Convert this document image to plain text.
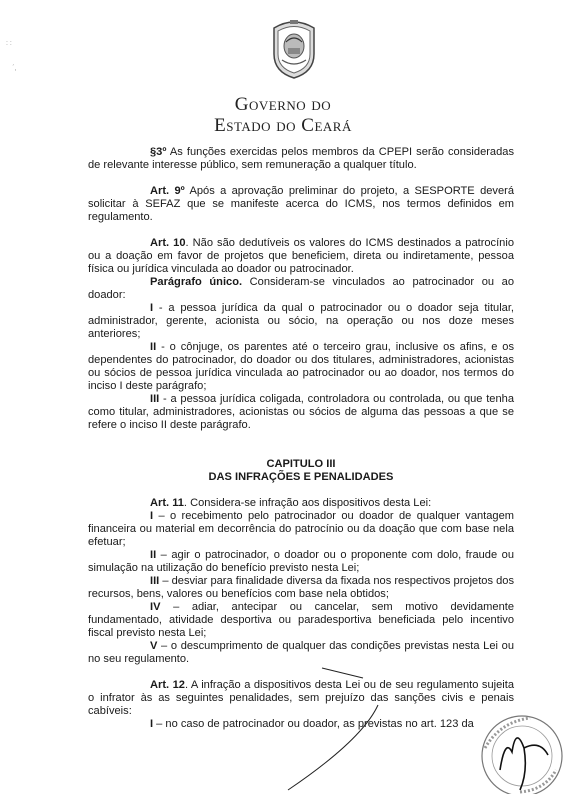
: :
ˊ,
Governo do
Estado do Ceará

§3º As funções exercidas pelos membros da CPEPI serão consideradas de relevante interesse público, sem remuneração a qualquer título.

Art. 9º Após a aprovação preliminar do projeto, a SESPORTE deverá solicitar à SEFAZ que se manifeste acerca do ICMS, nos termos definidos em regulamento.

Art. 10. Não são dedutíveis os valores do ICMS destinados a patrocínio ou a doação em favor de projetos que beneficiem, direta ou indiretamente, pessoa física ou jurídica vinculada ao doador ou patrocinador.

Parágrafo único. Consideram-se vinculados ao patrocinador ou ao doador:

I - a pessoa jurídica da qual o patrocinador ou o doador seja titular, administrador, gerente, acionista ou sócio, na operação ou nos doze meses anteriores;

II - o cônjuge, os parentes até o terceiro grau, inclusive os afins, e os dependentes do patrocinador, do doador ou dos titulares, administradores, acionistas ou sócios de pessoa jurídica vinculada ao patrocinador ou ao doador, nos termos do inciso I deste parágrafo;

III - a pessoa jurídica coligada, controladora ou controlada, ou que tenha como titular, administradores, acionistas ou sócios de alguma das pessoas a que se refere o inciso II deste parágrafo.

CAPITULO III

DAS INFRAÇÕES E PENALIDADES

Art. 11. Considera-se infração aos dispositivos desta Lei:

I – o recebimento pelo patrocinador ou doador de qualquer vantagem financeira ou material em decorrência do patrocínio ou da doação que com base nela efetuar;

II – agir o patrocinador, o doador ou o proponente com dolo, fraude ou simulação na utilização do benefício previsto nesta Lei;

III – desviar para finalidade diversa da fixada nos respectivos projetos dos recursos, bens, valores ou benefícios com base nela obtidos;

IV – adiar, antecipar ou cancelar, sem motivo devidamente fundamentado, atividade desportiva ou paradesportiva beneficiada pelo incentivo fiscal previsto nesta Lei;

V – o descumprimento de qualquer das condições previstas nesta Lei ou no seu regulamento.

Art. 12. A infração a dispositivos desta Lei ou de seu regulamento sujeita o infrator às as seguintes penalidades, sem prejuízo das sanções civis e penais cabíveis:

I – no caso de patrocinador ou doador, as previstas no art. 123 da
